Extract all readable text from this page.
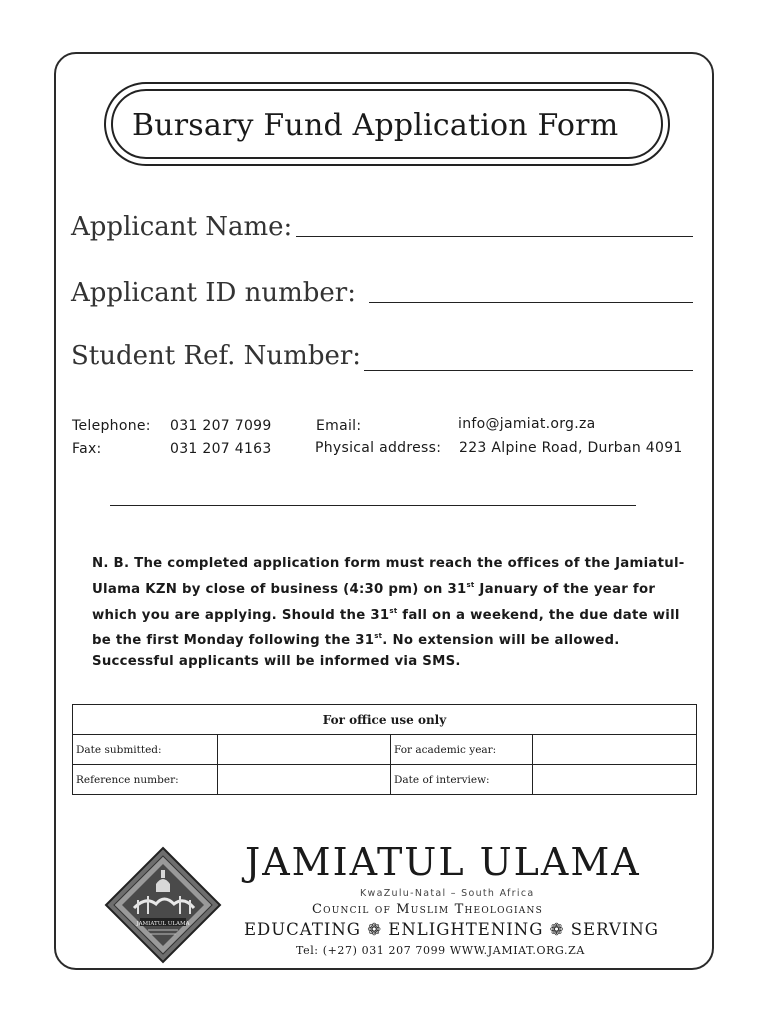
Bursary Fund Application Form
Applicant Name:
Applicant ID number:
Student Ref. Number:
Telephone: 031 207 7099	Email:	info@jamiat.org.za
Fax:	031 207 4163	Physical address: 223 Alpine Road, Durban 4091
N. B. The completed application form must reach the offices of the Jamiatul-Ulama KZN by close of business (4:30 pm) on 31st January of the year for which you are applying. Should the 31st fall on a weekend, the due date will be the first Monday following the 31st. No extension will be allowed. Successful applicants will be informed via SMS.
For office use only			
Date submitted:		For academic year:	
Reference number:		Date of interview:	
JAMIATUL ULAMA
JAMIATUL ULAMA
KwaZulu-Natal – South Africa
Council of Muslim Theologians
EDUCATING ❁ ENLIGHTENING ❁ SERVING
Tel: (+27) 031 207 7099 WWW.JAMIAT.ORG.ZA
